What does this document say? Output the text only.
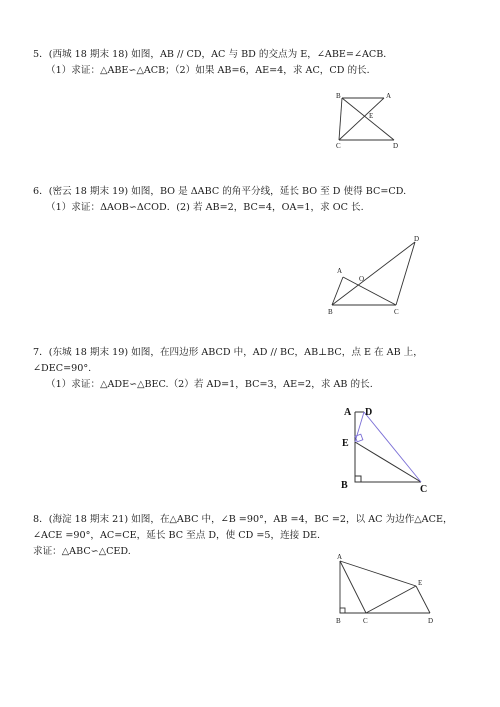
5．(西城 18 期末 18) 如图，AB // CD，AC 与 BD 的交点为 E，∠ABE=∠ACB．
（1）求证：△ABE∽△ACB；（2）如果 AB=6，AE=4，求 AC，CD 的长．
B	A
E
C	D
6．(密云 18 期末 19) 如图，BO 是 ΔABC 的角平分线，延长 BO 至 D 使得 BC=CD.
（1）求证：ΔAOB∽ΔCOD．(2) 若 AB=2，BC=4，OA=1，求 OC 长.
D
A
O
B	C
7．(东城 18 期末 19) 如图，在四边形 ABCD 中，AD // BC，AB⊥BC，点 E 在 AB 上，
∠DEC=90°.
（1）求证：△ADE∽△BEC.（2）若 AD=1，BC=3，AE=2，求 AB 的长.
A D
E
B	C
8．(海淀 18 期末 21) 如图，在△ABC 中，∠B =90°，AB =4，BC =2，以 AC 为边作△ACE，
∠ACE =90°，AC=CE，延长 BC 至点 D，使 CD =5，连接 DE.
求证：△ABC∽△CED.	A
E
B	C	D
